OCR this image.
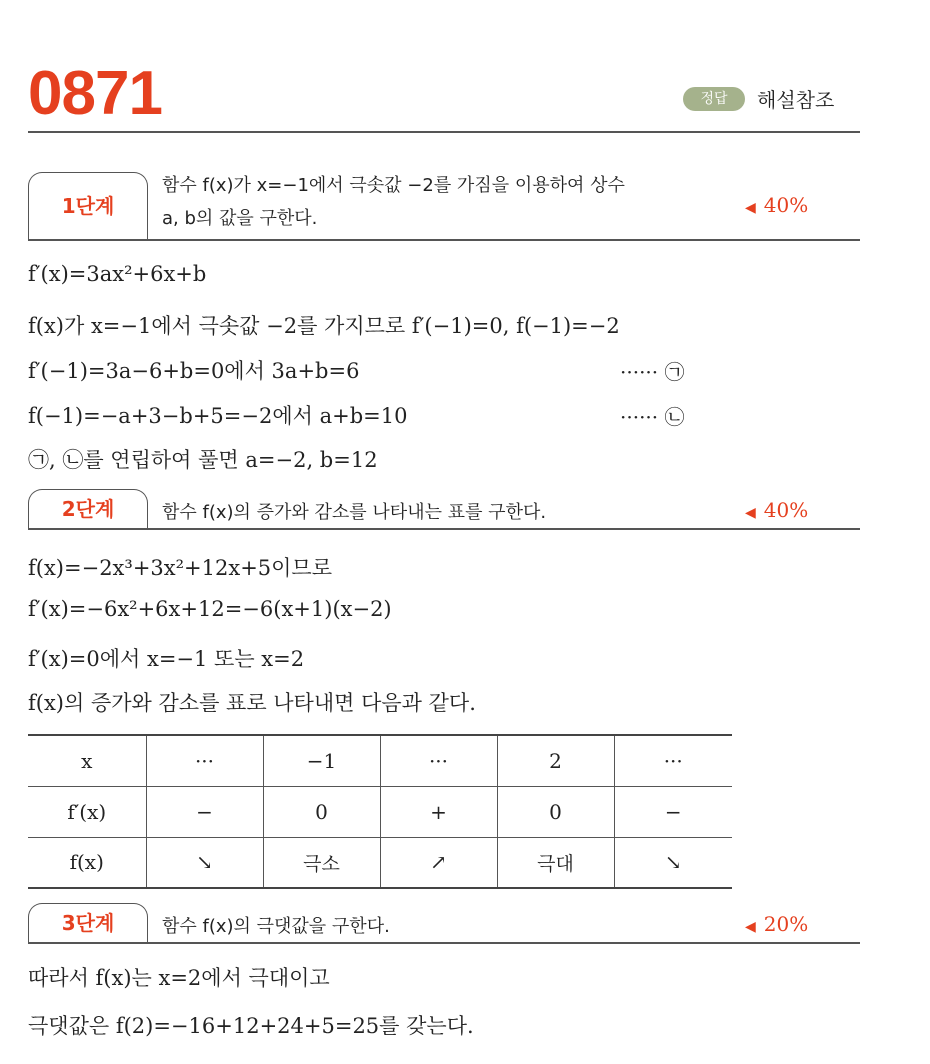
0871	정답	해설참조
1단계
함수 f(x)가 x=−1에서 극솟값 −2를 가짐을 이용하여 상수
a, b의 값을 구한다.	◀ 40%
f′(x)=3ax²+6x+b
f(x)가 x=−1에서 극솟값 −2를 가지므로 f′(−1)=0, f(−1)=−2
f′(−1)=3a−6+b=0에서 3a+b=6	······ ㉠
f(−1)=−a+3−b+5=−2에서 a+b=10	······ ㉡
㉠, ㉡를 연립하여 풀면 a=−2, b=12
2단계	함수 f(x)의 증가와 감소를 나타내는 표를 구한다.	◀ 40%
f(x)=−2x³+3x²+12x+5이므로
f′(x)=−6x²+6x+12=−6(x+1)(x−2)
f′(x)=0에서 x=−1 또는 x=2
f(x)의 증가와 감소를 표로 나타내면 다음과 같다.
x	···	−1	···	2	···
f′(x)	−	0	+	0	−
f(x)	↘	극소	↗	극대	↘
3단계	함수 f(x)의 극댓값을 구한다.	◀ 20%
따라서 f(x)는 x=2에서 극대이고
극댓값은 f(2)=−16+12+24+5=25를 갖는다.
